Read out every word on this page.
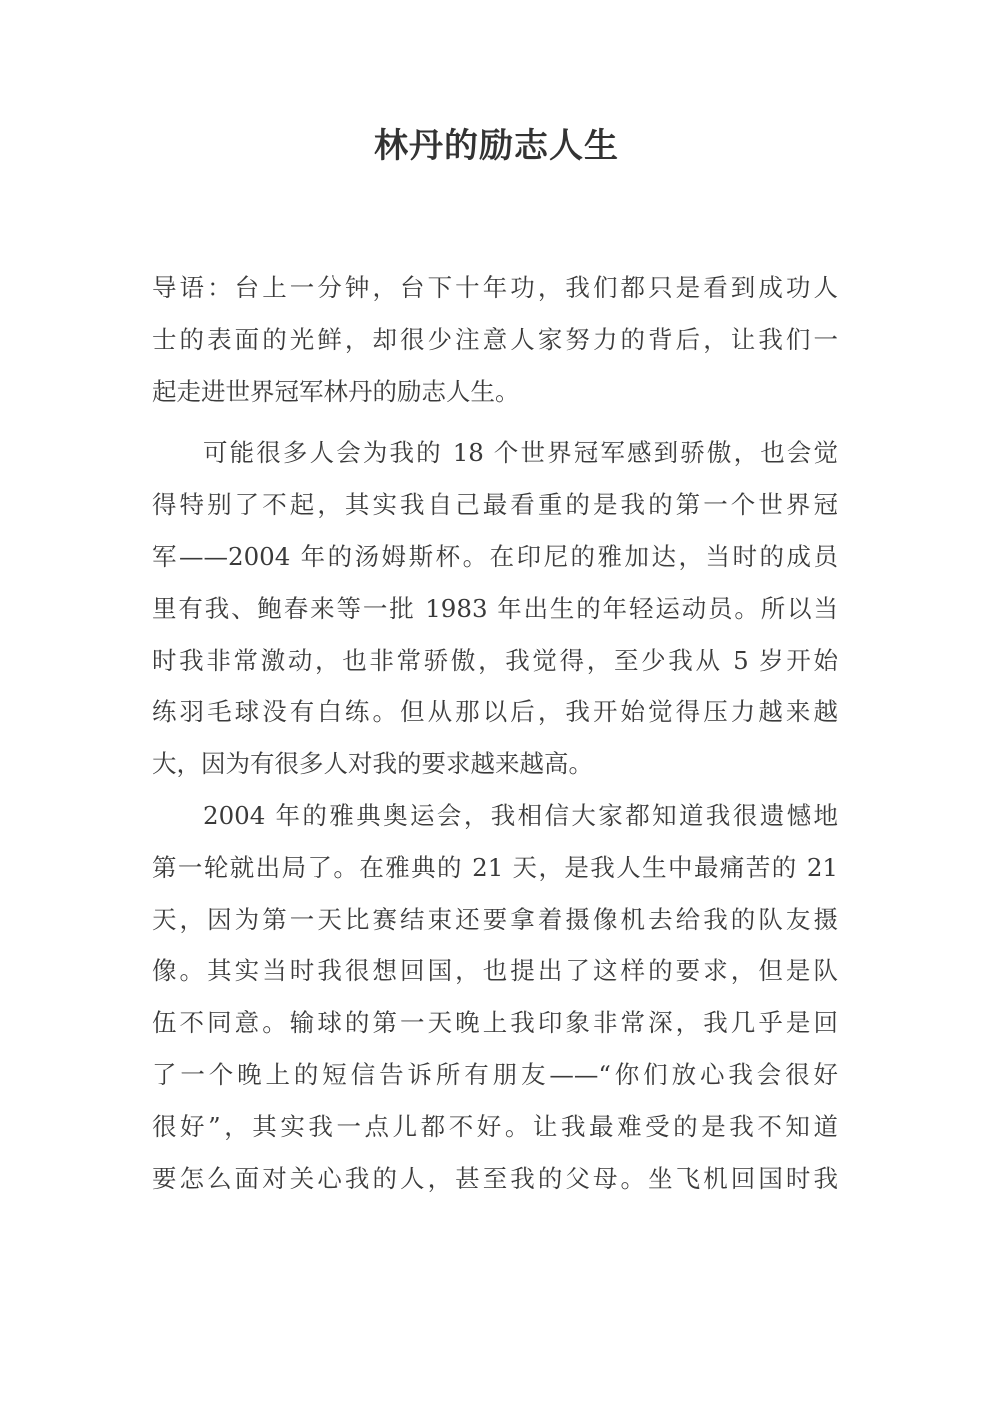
林丹的励志人生
导语：台上一分钟，台下十年功，我们都只是看到成功人
士的表面的光鲜，却很少注意人家努力的背后，让我们一
起走进世界冠军林丹的励志人生。
可能很多人会为我的 18 个世界冠军感到骄傲，也会觉
得特别了不起，其实我自己最看重的是我的第一个世界冠
军——2004 年的汤姆斯杯。在印尼的雅加达，当时的成员
里有我、鲍春来等一批 1983 年出生的年轻运动员。所以当
时我非常激动，也非常骄傲，我觉得，至少我从 5 岁开始
练羽毛球没有白练。但从那以后，我开始觉得压力越来越
大，因为有很多人对我的要求越来越高。
2004 年的雅典奥运会，我相信大家都知道我很遗憾地
第一轮就出局了。在雅典的 21 天，是我人生中最痛苦的 21
天，因为第一天比赛结束还要拿着摄像机去给我的队友摄
像。其实当时我很想回国，也提出了这样的要求，但是队
伍不同意。输球的第一天晚上我印象非常深，我几乎是回
了一个晚上的短信告诉所有朋友——“你们放心我会很好
很好”，其实我一点儿都不好。让我最难受的是我不知道
要怎么面对关心我的人，甚至我的父母。坐飞机回国时我
